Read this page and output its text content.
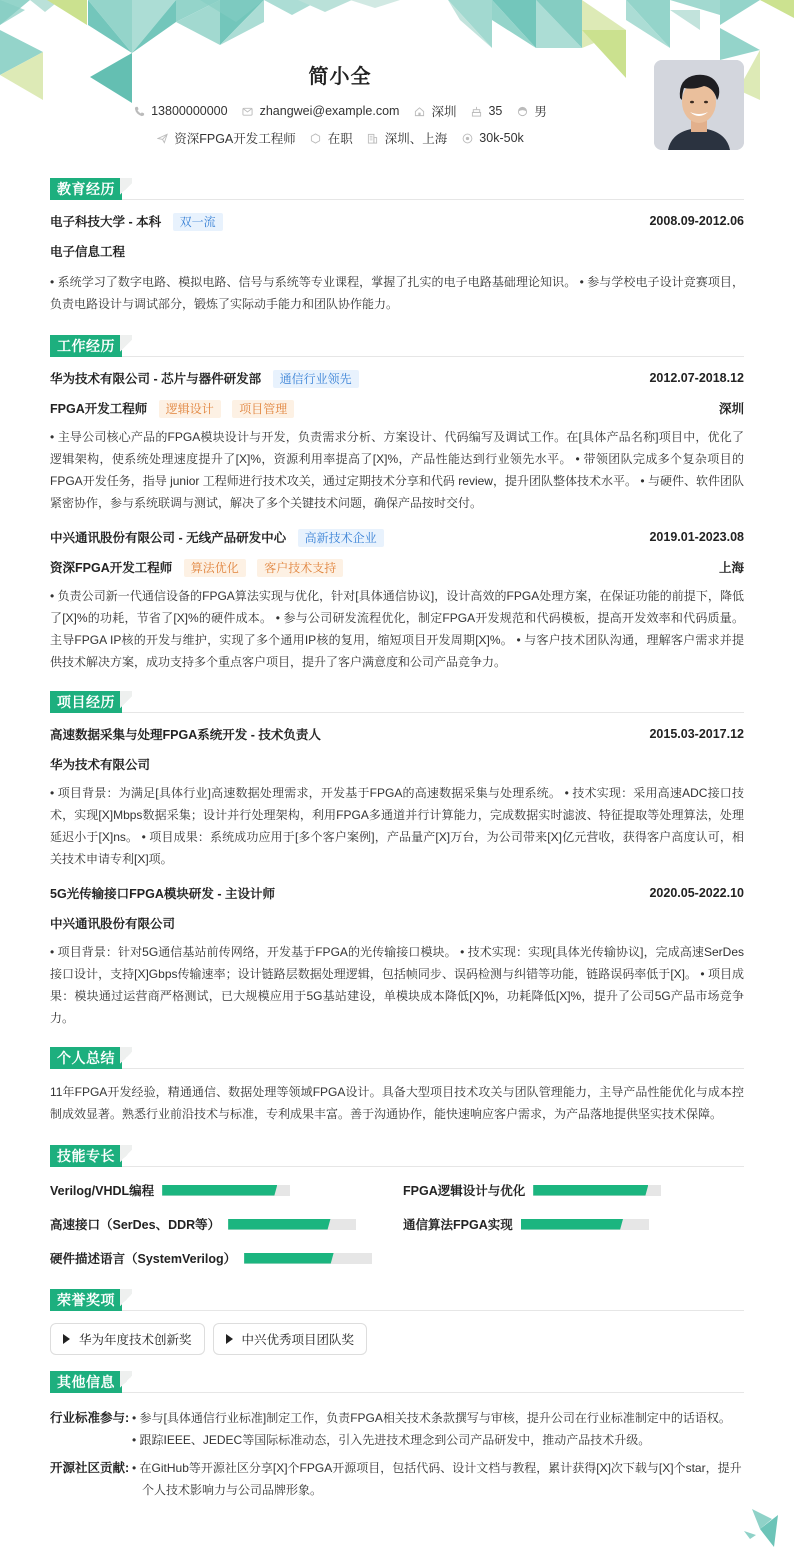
简小全
13800000000	zhangwei@example.com	深圳	35	男
资深FPGA开发工程师	在职	深圳、上海	30k-50k
教育经历
电子科技大学 - 本科 双一流	2008.09-2012.06
电子信息工程
• 系统学习了数字电路、模拟电路、信号与系统等专业课程，掌握了扎实的电子电路基础理论知识。 • 参与学校电子设计竞赛项目，负责电路设计与调试部分，锻炼了实际动手能力和团队协作能力。
工作经历
华为技术有限公司 - 芯片与器件研发部 通信行业领先	2012.07-2018.12
FPGA开发工程师 逻辑设计 项目管理	深圳
• 主导公司核心产品的FPGA模块设计与开发，负责需求分析、方案设计、代码编写及调试工作。在[具体产品名称]项目中，优化了逻辑架构，使系统处理速度提升了[X]%，资源利用率提高了[X]%，产品性能达到行业领先水平。 • 带领团队完成多个复杂项目的FPGA开发任务，指导 junior 工程师进行技术攻关，通过定期技术分享和代码 review，提升团队整体技术水平。 • 与硬件、软件团队紧密协作，参与系统联调与测试，解决了多个关键技术问题，确保产品按时交付。
中兴通讯股份有限公司 - 无线产品研发中心 高新技术企业	2019.01-2023.08
资深FPGA开发工程师 算法优化 客户技术支持	上海
• 负责公司新一代通信设备的FPGA算法实现与优化，针对[具体通信协议]，设计高效的FPGA处理方案，在保证功能的前提下，降低了[X]%的功耗，节省了[X]%的硬件成本。 • 参与公司研发流程优化，制定FPGA开发规范和代码模板，提高开发效率和代码质量。主导FPGA IP核的开发与维护，实现了多个通用IP核的复用，缩短项目开发周期[X]%。 • 与客户技术团队沟通，理解客户需求并提供技术解决方案，成功支持多个重点客户项目，提升了客户满意度和公司产品竞争力。
项目经历
高速数据采集与处理FPGA系统开发 - 技术负责人	2015.03-2017.12
华为技术有限公司
• 项目背景：为满足[具体行业]高速数据处理需求，开发基于FPGA的高速数据采集与处理系统。 • 技术实现：采用高速ADC接口技术，实现[X]Mbps数据采集；设计并行处理架构，利用FPGA多通道并行计算能力，完成数据实时滤波、特征提取等处理算法，处理延迟小于[X]ns。 • 项目成果：系统成功应用于[多个客户案例]，产品量产[X]万台，为公司带来[X]亿元营收，获得客户高度认可，相关技术申请专利[X]项。
5G光传输接口FPGA模块研发 - 主设计师	2020.05-2022.10
中兴通讯股份有限公司
• 项目背景：针对5G通信基站前传网络，开发基于FPGA的光传输接口模块。 • 技术实现：实现[具体光传输协议]，完成高速SerDes接口设计，支持[X]Gbps传输速率；设计链路层数据处理逻辑，包括帧同步、误码检测与纠错等功能，链路误码率低于[X]。 • 项目成果：模块通过运营商严格测试，已大规模应用于5G基站建设，单模块成本降低[X]%，功耗降低[X]%，提升了公司5G产品市场竞争力。
个人总结
11年FPGA开发经验，精通通信、数据处理等领域FPGA设计。具备大型项目技术攻关与团队管理能力，主导产品性能优化与成本控制成效显著。熟悉行业前沿技术与标准，专利成果丰富。善于沟通协作，能快速响应客户需求，为产品落地提供坚实技术保障。
技能专长
Verilog/VHDL编程	FPGA逻辑设计与优化
高速接口（SerDes、DDR等）	通信算法FPGA实现
硬件描述语言（SystemVerilog）
荣誉奖项
华为年度技术创新奖	中兴优秀项目团队奖
其他信息
行业标准参与: • 参与[具体通信行业标准]制定工作，负责FPGA相关技术条款撰写与审核，提升公司在行业标准制定中的话语权。
• 跟踪IEEE、JEDEC等国际标准动态，引入先进技术理念到公司产品研发中，推动产品技术升级。
开源社区贡献: • 在GitHub等开源社区分享[X]个FPGA开源项目，包括代码、设计文档与教程，累计获得[X]次下载与[X]个star，提升个人技术影响力与公司品牌形象。
